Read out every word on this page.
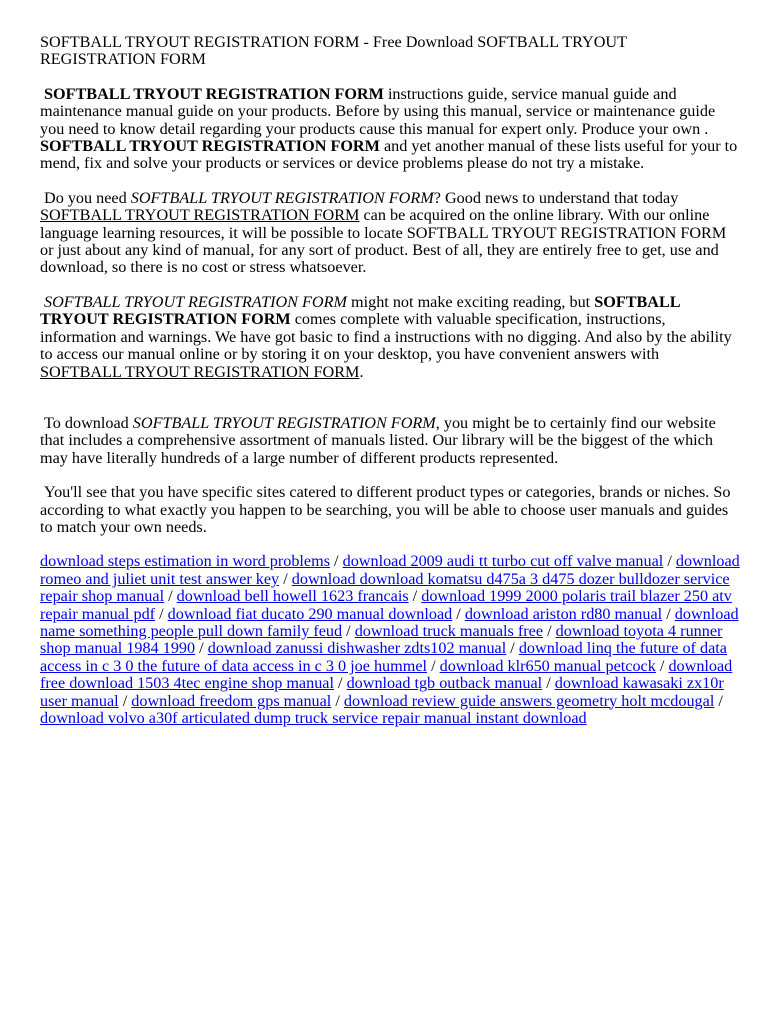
SOFTBALL TRYOUT REGISTRATION FORM - Free Download SOFTBALL TRYOUT REGISTRATION FORM

SOFTBALL TRYOUT REGISTRATION FORM instructions guide, service manual guide and maintenance manual guide on your products. Before by using this manual, service or maintenance guide you need to know detail regarding your products cause this manual for expert only. Produce your own . SOFTBALL TRYOUT REGISTRATION FORM and yet another manual of these lists useful for your to mend, fix and solve your products or services or device problems please do not try a mistake.

Do you need SOFTBALL TRYOUT REGISTRATION FORM? Good news to understand that today SOFTBALL TRYOUT REGISTRATION FORM can be acquired on the online library. With our online language learning resources, it will be possible to locate SOFTBALL TRYOUT REGISTRATION FORM or just about any kind of manual, for any sort of product. Best of all, they are entirely free to get, use and download, so there is no cost or stress whatsoever.

SOFTBALL TRYOUT REGISTRATION FORM might not make exciting reading, but SOFTBALL TRYOUT REGISTRATION FORM comes complete with valuable specification, instructions, information and warnings. We have got basic to find a instructions with no digging. And also by the ability to access our manual online or by storing it on your desktop, you have convenient answers with SOFTBALL TRYOUT REGISTRATION FORM.

To download SOFTBALL TRYOUT REGISTRATION FORM, you might be to certainly find our website that includes a comprehensive assortment of manuals listed. Our library will be the biggest of the which may have literally hundreds of a large number of different products represented.

You'll see that you have specific sites catered to different product types or categories, brands or niches. So according to what exactly you happen to be searching, you will be able to choose user manuals and guides to match your own needs.

download steps estimation in word problems / download 2009 audi tt turbo cut off valve manual / download romeo and juliet unit test answer key / download download komatsu d475a 3 d475 dozer bulldozer service repair shop manual / download bell howell 1623 francais / download 1999 2000 polaris trail blazer 250 atv repair manual pdf / download fiat ducato 290 manual download / download ariston rd80 manual / download name something people pull down family feud / download truck manuals free / download toyota 4 runner shop manual 1984 1990 / download zanussi dishwasher zdts102 manual / download linq the future of data access in c 3 0 the future of data access in c 3 0 joe hummel / download klr650 manual petcock / download free download 1503 4tec engine shop manual / download tgb outback manual / download kawasaki zx10r user manual / download freedom gps manual / download review guide answers geometry holt mcdougal / download volvo a30f articulated dump truck service repair manual instant download
